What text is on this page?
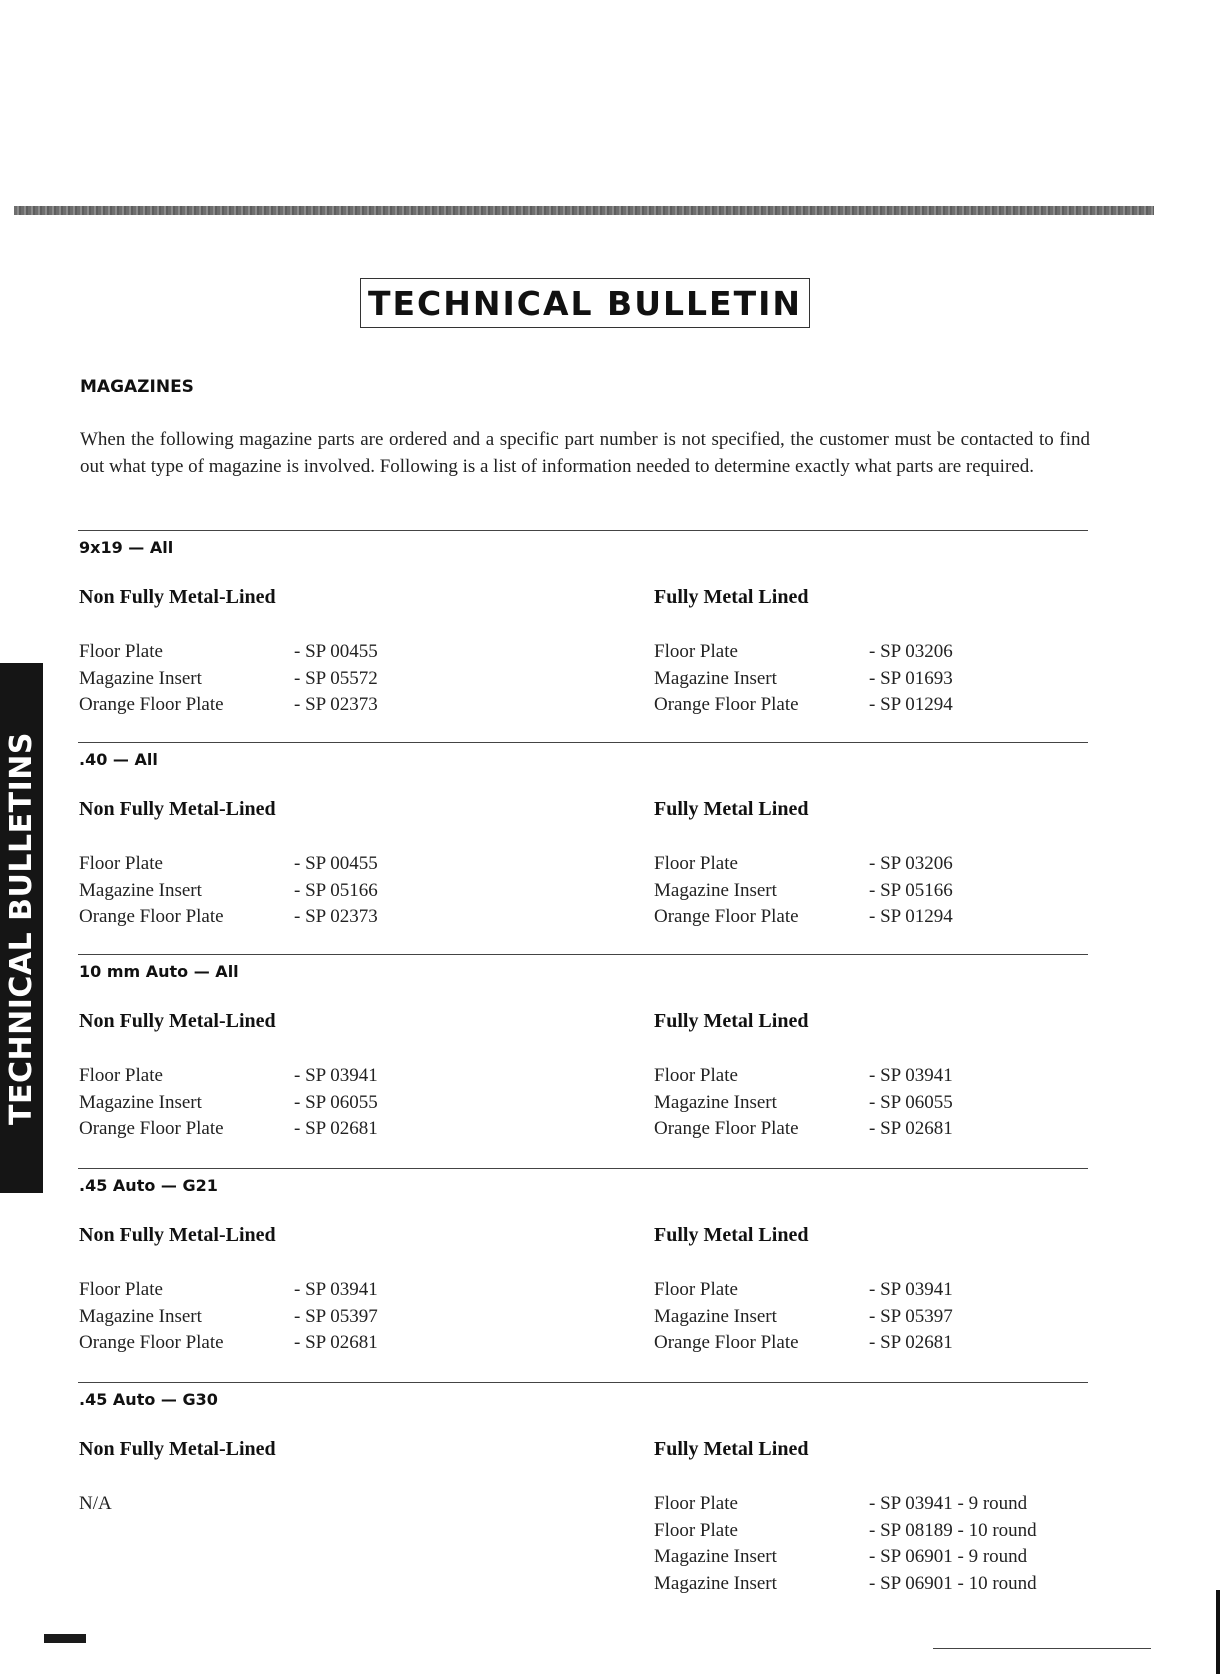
TECHNICAL BULLETIN
MAGAZINES
When the following magazine parts are ordered and a specific part number is not specified, the customer must be contacted to find out what type of magazine is involved. Following is a list of information needed to determine exactly what parts are required.
TECHNICAL BULLETINS
9x19 — All
Non Fully Metal-Lined
Floor Plate	- SP 00455
Magazine Insert	- SP 05572
Orange Floor Plate	- SP 02373
Fully Metal Lined
Floor Plate	- SP 03206
Magazine Insert	- SP 01693
Orange Floor Plate	- SP 01294
.40 — All
Non Fully Metal-Lined
Floor Plate	- SP 00455
Magazine Insert	- SP 05166
Orange Floor Plate	- SP 02373
Fully Metal Lined
Floor Plate	- SP 03206
Magazine Insert	- SP 05166
Orange Floor Plate	- SP 01294
10 mm Auto — All
Non Fully Metal-Lined
Floor Plate	- SP 03941
Magazine Insert	- SP 06055
Orange Floor Plate	- SP 02681
Fully Metal Lined
Floor Plate	- SP 03941
Magazine Insert	- SP 06055
Orange Floor Plate	- SP 02681
.45 Auto — G21
Non Fully Metal-Lined
Floor Plate	- SP 03941
Magazine Insert	- SP 05397
Orange Floor Plate	- SP 02681
Fully Metal Lined
Floor Plate	- SP 03941
Magazine Insert	- SP 05397
Orange Floor Plate	- SP 02681
.45 Auto — G30
Non Fully Metal-Lined
N/A
Fully Metal Lined
Floor Plate	- SP 03941 - 9 round
Floor Plate	- SP 08189 - 10 round
Magazine Insert	- SP 06901 - 9 round
Magazine Insert	- SP 06901 - 10 round
